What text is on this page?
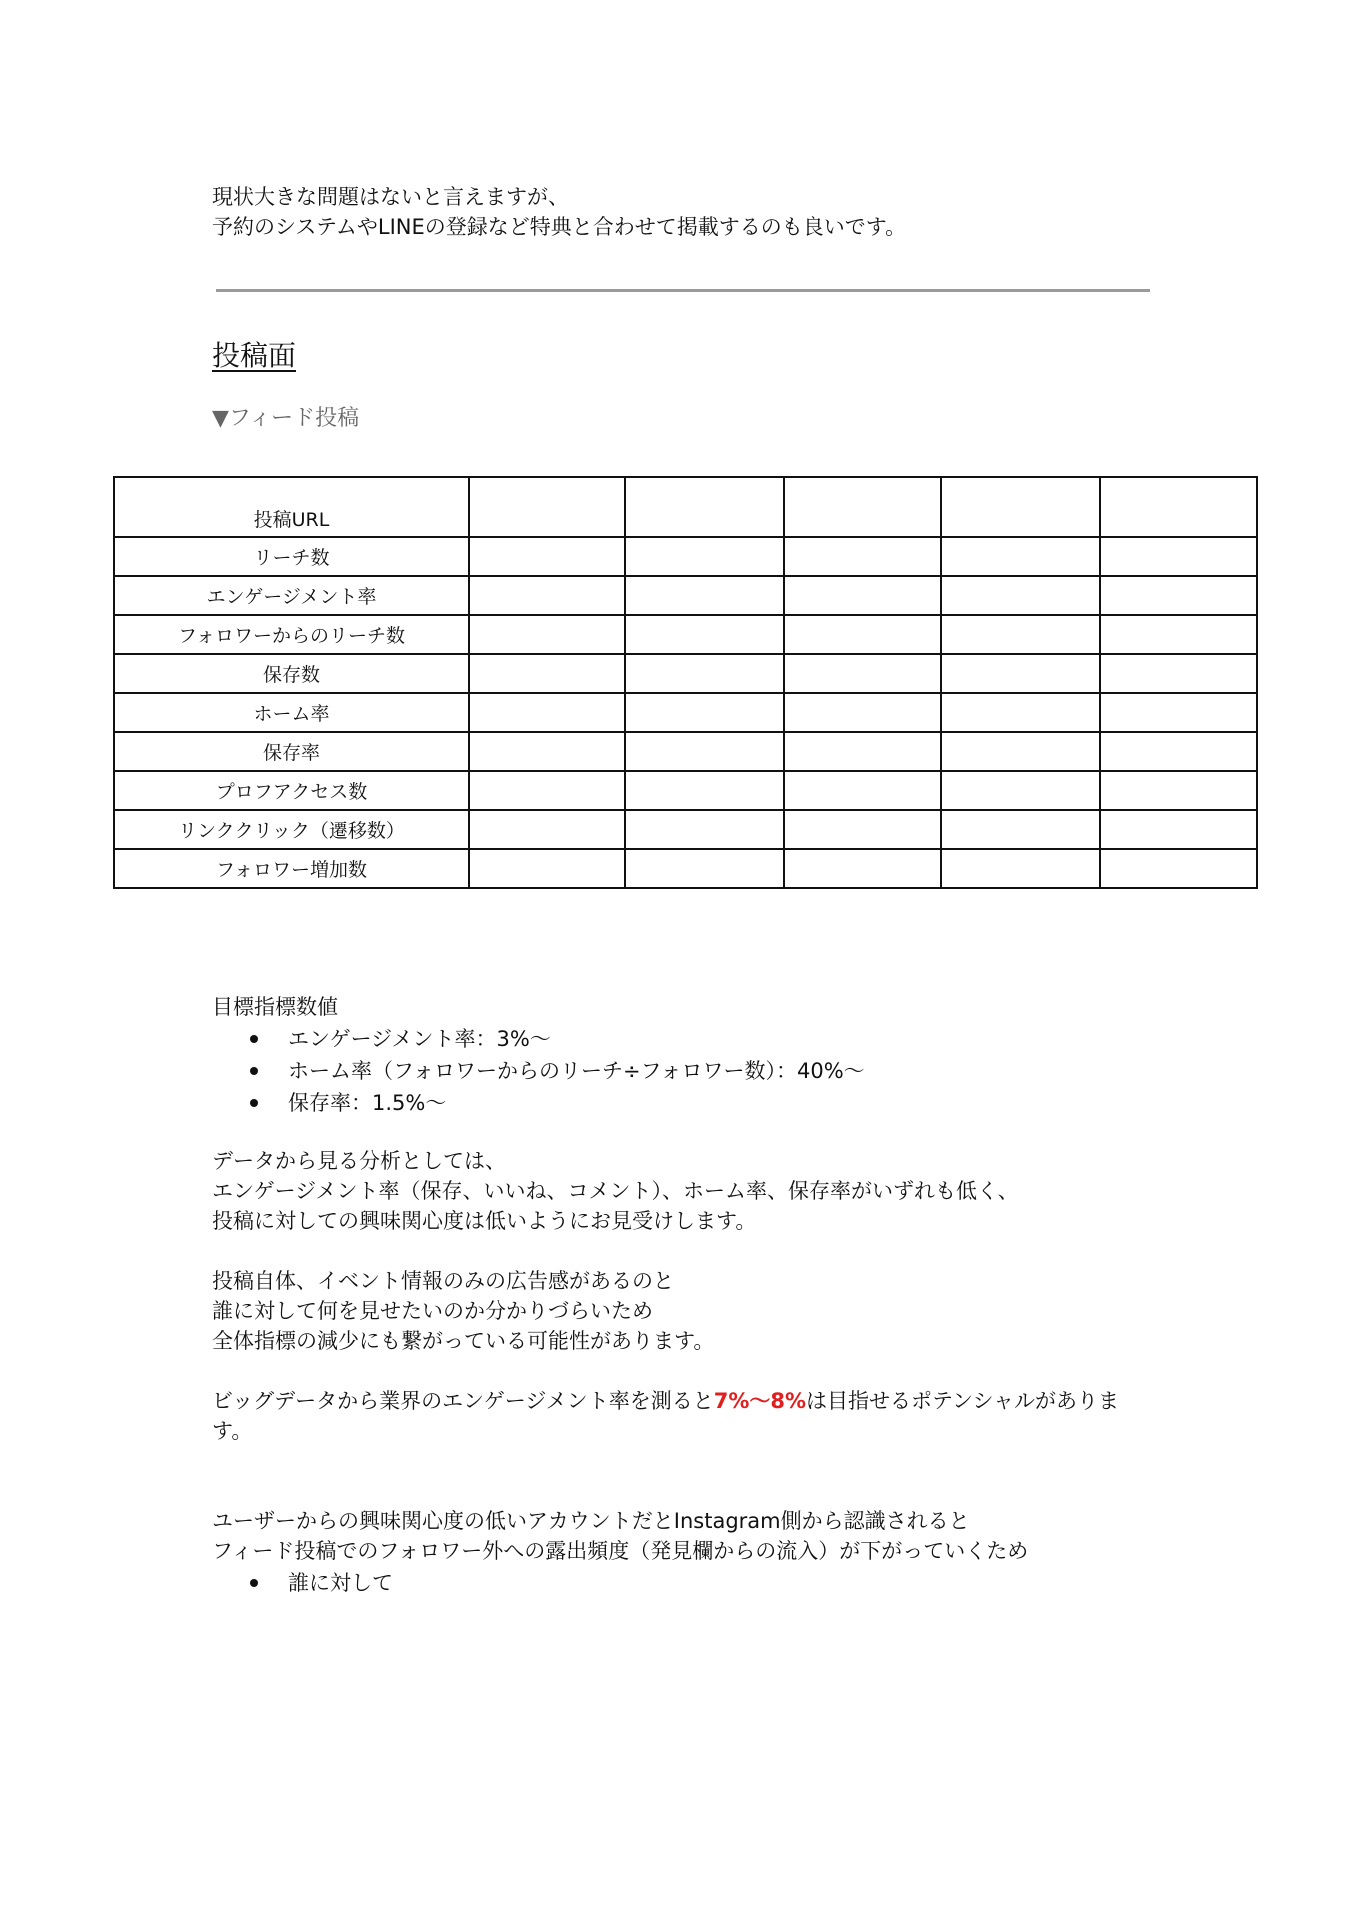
現状大きな問題はないと言えますが、
予約のシステムやLINEの登録など特典と合わせて掲載するのも良いです。
投稿面
▼フィード投稿
投稿URL					
リーチ数					
エンゲージメント率					
フォロワーからのリーチ数					
保存数					
ホーム率					
保存率					
プロフアクセス数					
リンククリック（遷移数）					
フォロワー増加数					
目標指標数値
エンゲージメント率：3%～
ホーム率（フォロワーからのリーチ÷フォロワー数）：40%～
保存率：1.5%～
データから見る分析としては、
エンゲージメント率（保存、いいね、コメント）、ホーム率、保存率がいずれも低く、
投稿に対しての興味関心度は低いようにお見受けします。
投稿自体、イベント情報のみの広告感があるのと
誰に対して何を見せたいのか分かりづらいため
全体指標の減少にも繋がっている可能性があります。
ビッグデータから業界のエンゲージメント率を測ると7%～8%は目指せるポテンシャルがありま
す。
ユーザーからの興味関心度の低いアカウントだとInstagram側から認識されると
フィード投稿でのフォロワー外への露出頻度（発見欄からの流入）が下がっていくため
誰に対して
